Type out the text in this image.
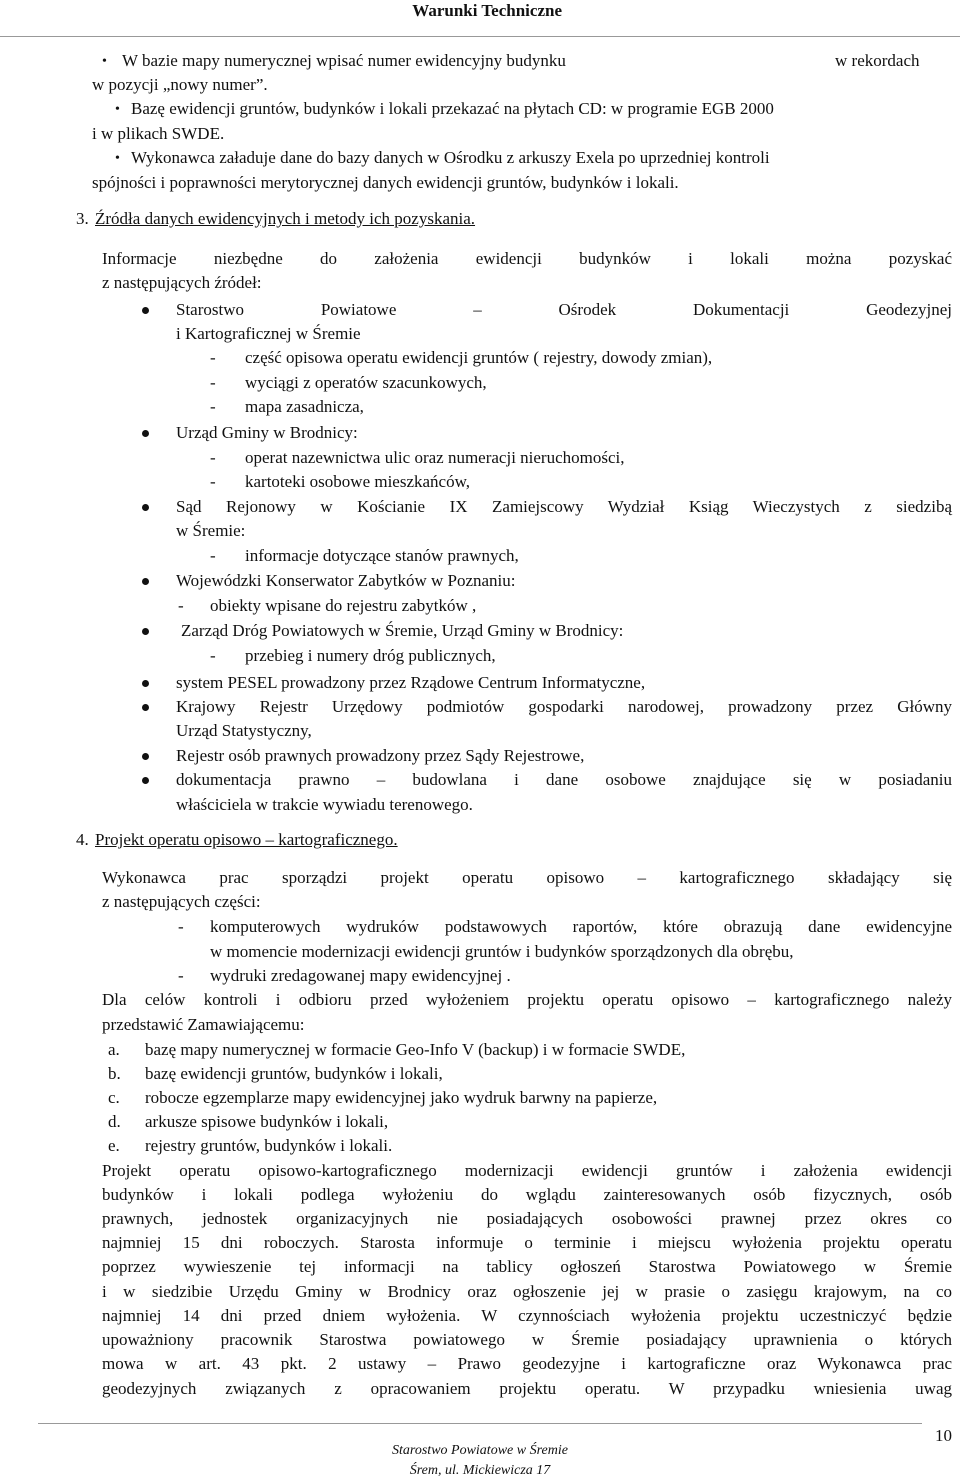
Warunki Techniczne
• W bazie mapy numerycznej wpisać numer ewidencyjny budynku	w rekordach
w pozycji „nowy numer”.
• Bazę ewidencji gruntów, budynków i lokali przekazać na płytach CD: w programie EGB 2000
i w plikach SWDE.
• Wykonawca załaduje dane do bazy danych w Ośrodku z arkuszy Exela po uprzedniej kontroli
spójności i poprawności merytorycznej danych ewidencji gruntów, budynków i lokali.
3. Źródła danych ewidencyjnych i metody ich pozyskania.
Informacje niezbędne do założenia ewidencji budynków i lokali można pozyskać
z następujących źródeł:
Starostwo Powiatowe – Ośrodek Dokumentacji Geodezyjnej
i Kartograficznej w Śremie
- część opisowa operatu ewidencji gruntów ( rejestry, dowody zmian),
- wyciągi z operatów szacunkowych,
- mapa zasadnicza,
Urząd Gminy w Brodnicy:
- operat nazewnictwa ulic oraz numeracji nieruchomości,
- kartoteki osobowe mieszkańców,
Sąd Rejonowy w Kościanie IX Zamiejscowy Wydział Ksiąg Wieczystych z siedzibą
w Śremie:
- informacje dotyczące stanów prawnych,
Wojewódzki Konserwator Zabytków w Poznaniu:
- obiekty wpisane do rejestru zabytków ,
Zarząd Dróg Powiatowych w Śremie, Urząd Gminy w Brodnicy:
- przebieg i numery dróg publicznych,
system PESEL prowadzony przez Rządowe Centrum Informatyczne,
Krajowy Rejestr Urzędowy podmiotów gospodarki narodowej, prowadzony przez Główny
Urząd Statystyczny,
Rejestr osób prawnych prowadzony przez Sądy Rejestrowe,
dokumentacja prawno – budowlana i dane osobowe znajdujące się w posiadaniu
właściciela w trakcie wywiadu terenowego.
4. Projekt operatu opisowo – kartograficznego.
Wykonawca prac sporządzi projekt operatu opisowo – kartograficznego składający się
z następujących części:
- komputerowych wydruków podstawowych raportów, które obrazują dane ewidencyjne
w momencie modernizacji ewidencji gruntów i budynków sporządzonych dla obrębu,
- wydruki zredagowanej mapy ewidencyjnej .
Dla celów kontroli i odbioru przed wyłożeniem projektu operatu opisowo – kartograficznego należy
przedstawić Zamawiającemu:
a. bazę mapy numerycznej w formacie Geo-Info V (backup) i w formacie SWDE,
b. bazę ewidencji gruntów, budynków i lokali,
c. robocze egzemplarze mapy ewidencyjnej jako wydruk barwny na papierze,
d. arkusze spisowe budynków i lokali,
e. rejestry gruntów, budynków i lokali.
Projekt operatu opisowo-kartograficznego modernizacji ewidencji gruntów i założenia ewidencji
budynków i lokali podlega wyłożeniu do wglądu zainteresowanych osób fizycznych, osób
prawnych, jednostek organizacyjnych nie posiadających osobowości prawnej przez okres co
najmniej 15 dni roboczych. Starosta informuje o terminie i miejscu wyłożenia projektu operatu
poprzez wywieszenie tej informacji na tablicy ogłoszeń Starostwa Powiatowego w Śremie
i w siedzibie Urzędu Gminy w Brodnicy oraz ogłoszenie jej w prasie o zasięgu krajowym, na co
najmniej 14 dni przed dniem wyłożenia. W czynnościach wyłożenia projektu uczestniczyć będzie
upoważniony pracownik Starostwa powiatowego w Śremie posiadający uprawnienia o których
mowa w art. 43 pkt. 2 ustawy – Prawo geodezyjne i kartograficzne oraz Wykonawca prac
geodezyjnych związanych z opracowaniem projektu operatu. W przypadku wniesienia uwag
10
Starostwo Powiatowe w Śremie
Śrem, ul. Mickiewicza 17
